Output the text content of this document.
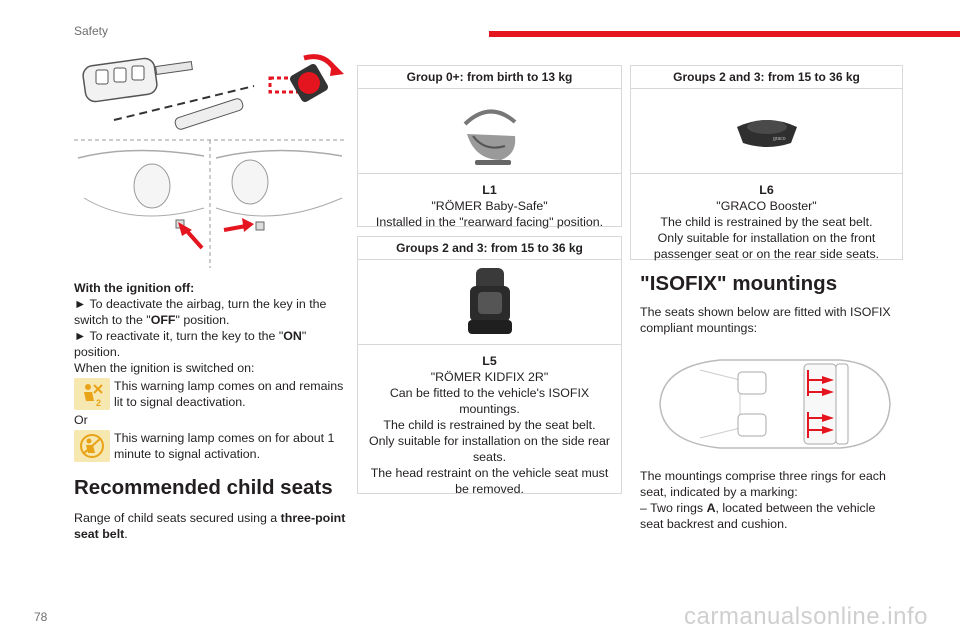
Safety

With the ignition off:

► To deactivate the airbag, turn the key in the switch to the "OFF" position.

► To reactivate it, turn the key to the "ON" position.

When the ignition is switched on:

2
This warning lamp comes on and remains lit to signal deactivation.

Or

This warning lamp comes on for about 1 minute to signal activation.
Recommended child seats

Range of child seats secured using a three-point seat belt.

Group 0+: from birth to 13 kg
L1
"RÖMER Baby-Safe"
Installed in the "rearward facing" position.
Groups 2 and 3: from 15 to 36 kg
L5
"RÖMER KIDFIX 2R"
Can be fitted to the vehicle's ISOFIX mountings.
The child is restrained by the seat belt.
Only suitable for installation on the side rear seats.
The head restraint on the vehicle seat must be removed.
Groups 2 and 3: from 15 to 36 kg
graco
L6
"GRACO Booster"
The child is restrained by the seat belt.
Only suitable for installation on the front passenger seat or on the rear side seats.
"ISOFIX" mountings

The seats shown below are fitted with ISOFIX compliant mountings:

The mountings comprise three rings for each seat, indicated by a marking:

– Two rings A, located between the vehicle seat backrest and cushion.

78	carmanualsonline.info
